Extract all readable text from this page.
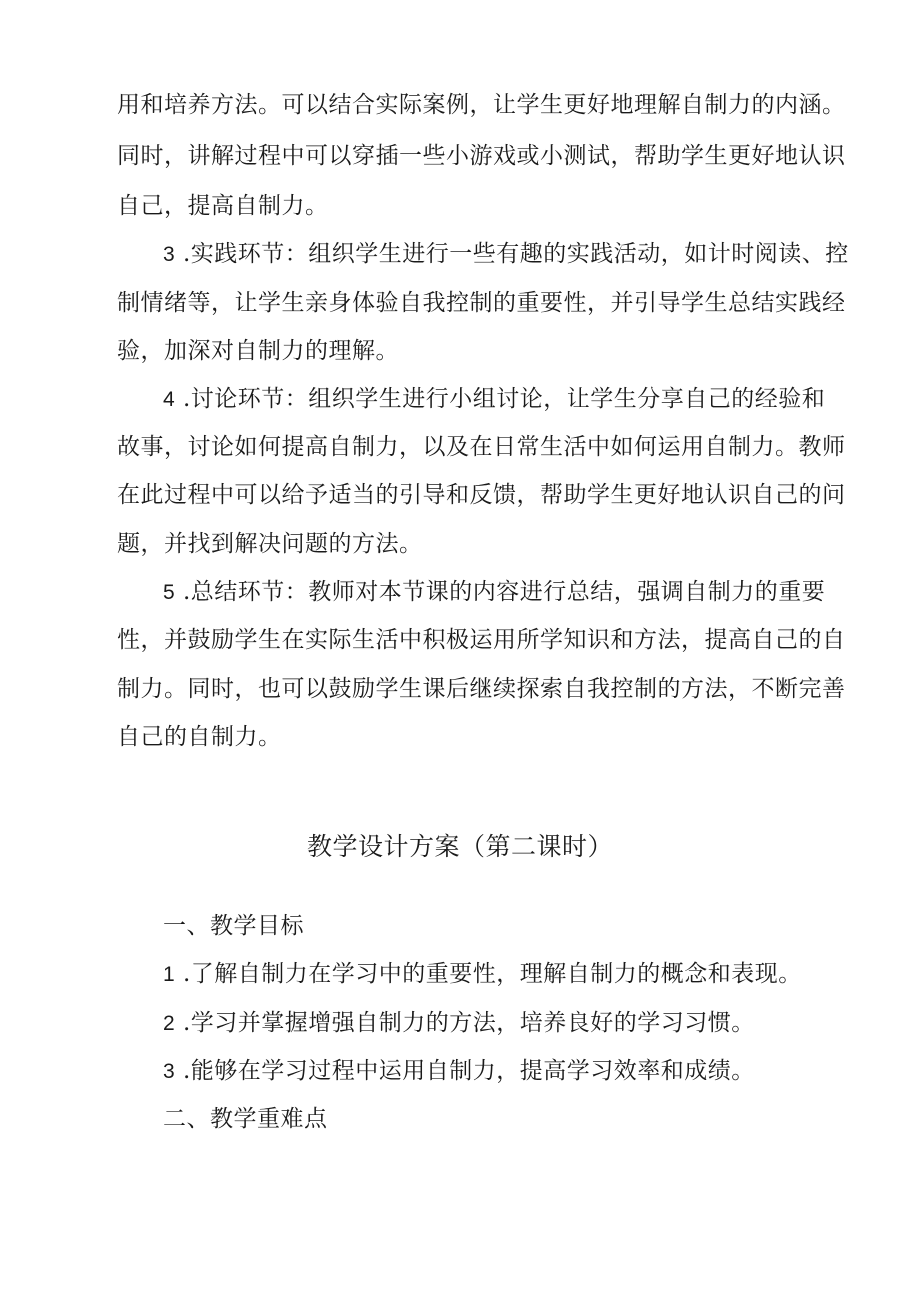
用和培养方法。可以结合实际案例，让学生更好地理解自制力的内涵。
同时，讲解过程中可以穿插一些小游戏或小测试，帮助学生更好地认识
自己，提高自制力。
3 .实践环节：组织学生进行一些有趣的实践活动，如计时阅读、控
制情绪等，让学生亲身体验自我控制的重要性，并引导学生总结实践经
验，加深对自制力的理解。
4 .讨论环节：组织学生进行小组讨论，让学生分享自己的经验和
故事，讨论如何提高自制力，以及在日常生活中如何运用自制力。教师
在此过程中可以给予适当的引导和反馈，帮助学生更好地认识自己的问
题，并找到解决问题的方法。
5 .总结环节：教师对本节课的内容进行总结，强调自制力的重要
性，并鼓励学生在实际生活中积极运用所学知识和方法，提高自己的自
制力。同时，也可以鼓励学生课后继续探索自我控制的方法，不断完善
自己的自制力。
教学设计方案（第二课时）
一、教学目标
1 .了解自制力在学习中的重要性，理解自制力的概念和表现。
2 .学习并掌握增强自制力的方法，培养良好的学习习惯。
3 .能够在学习过程中运用自制力，提高学习效率和成绩。
二、教学重难点
